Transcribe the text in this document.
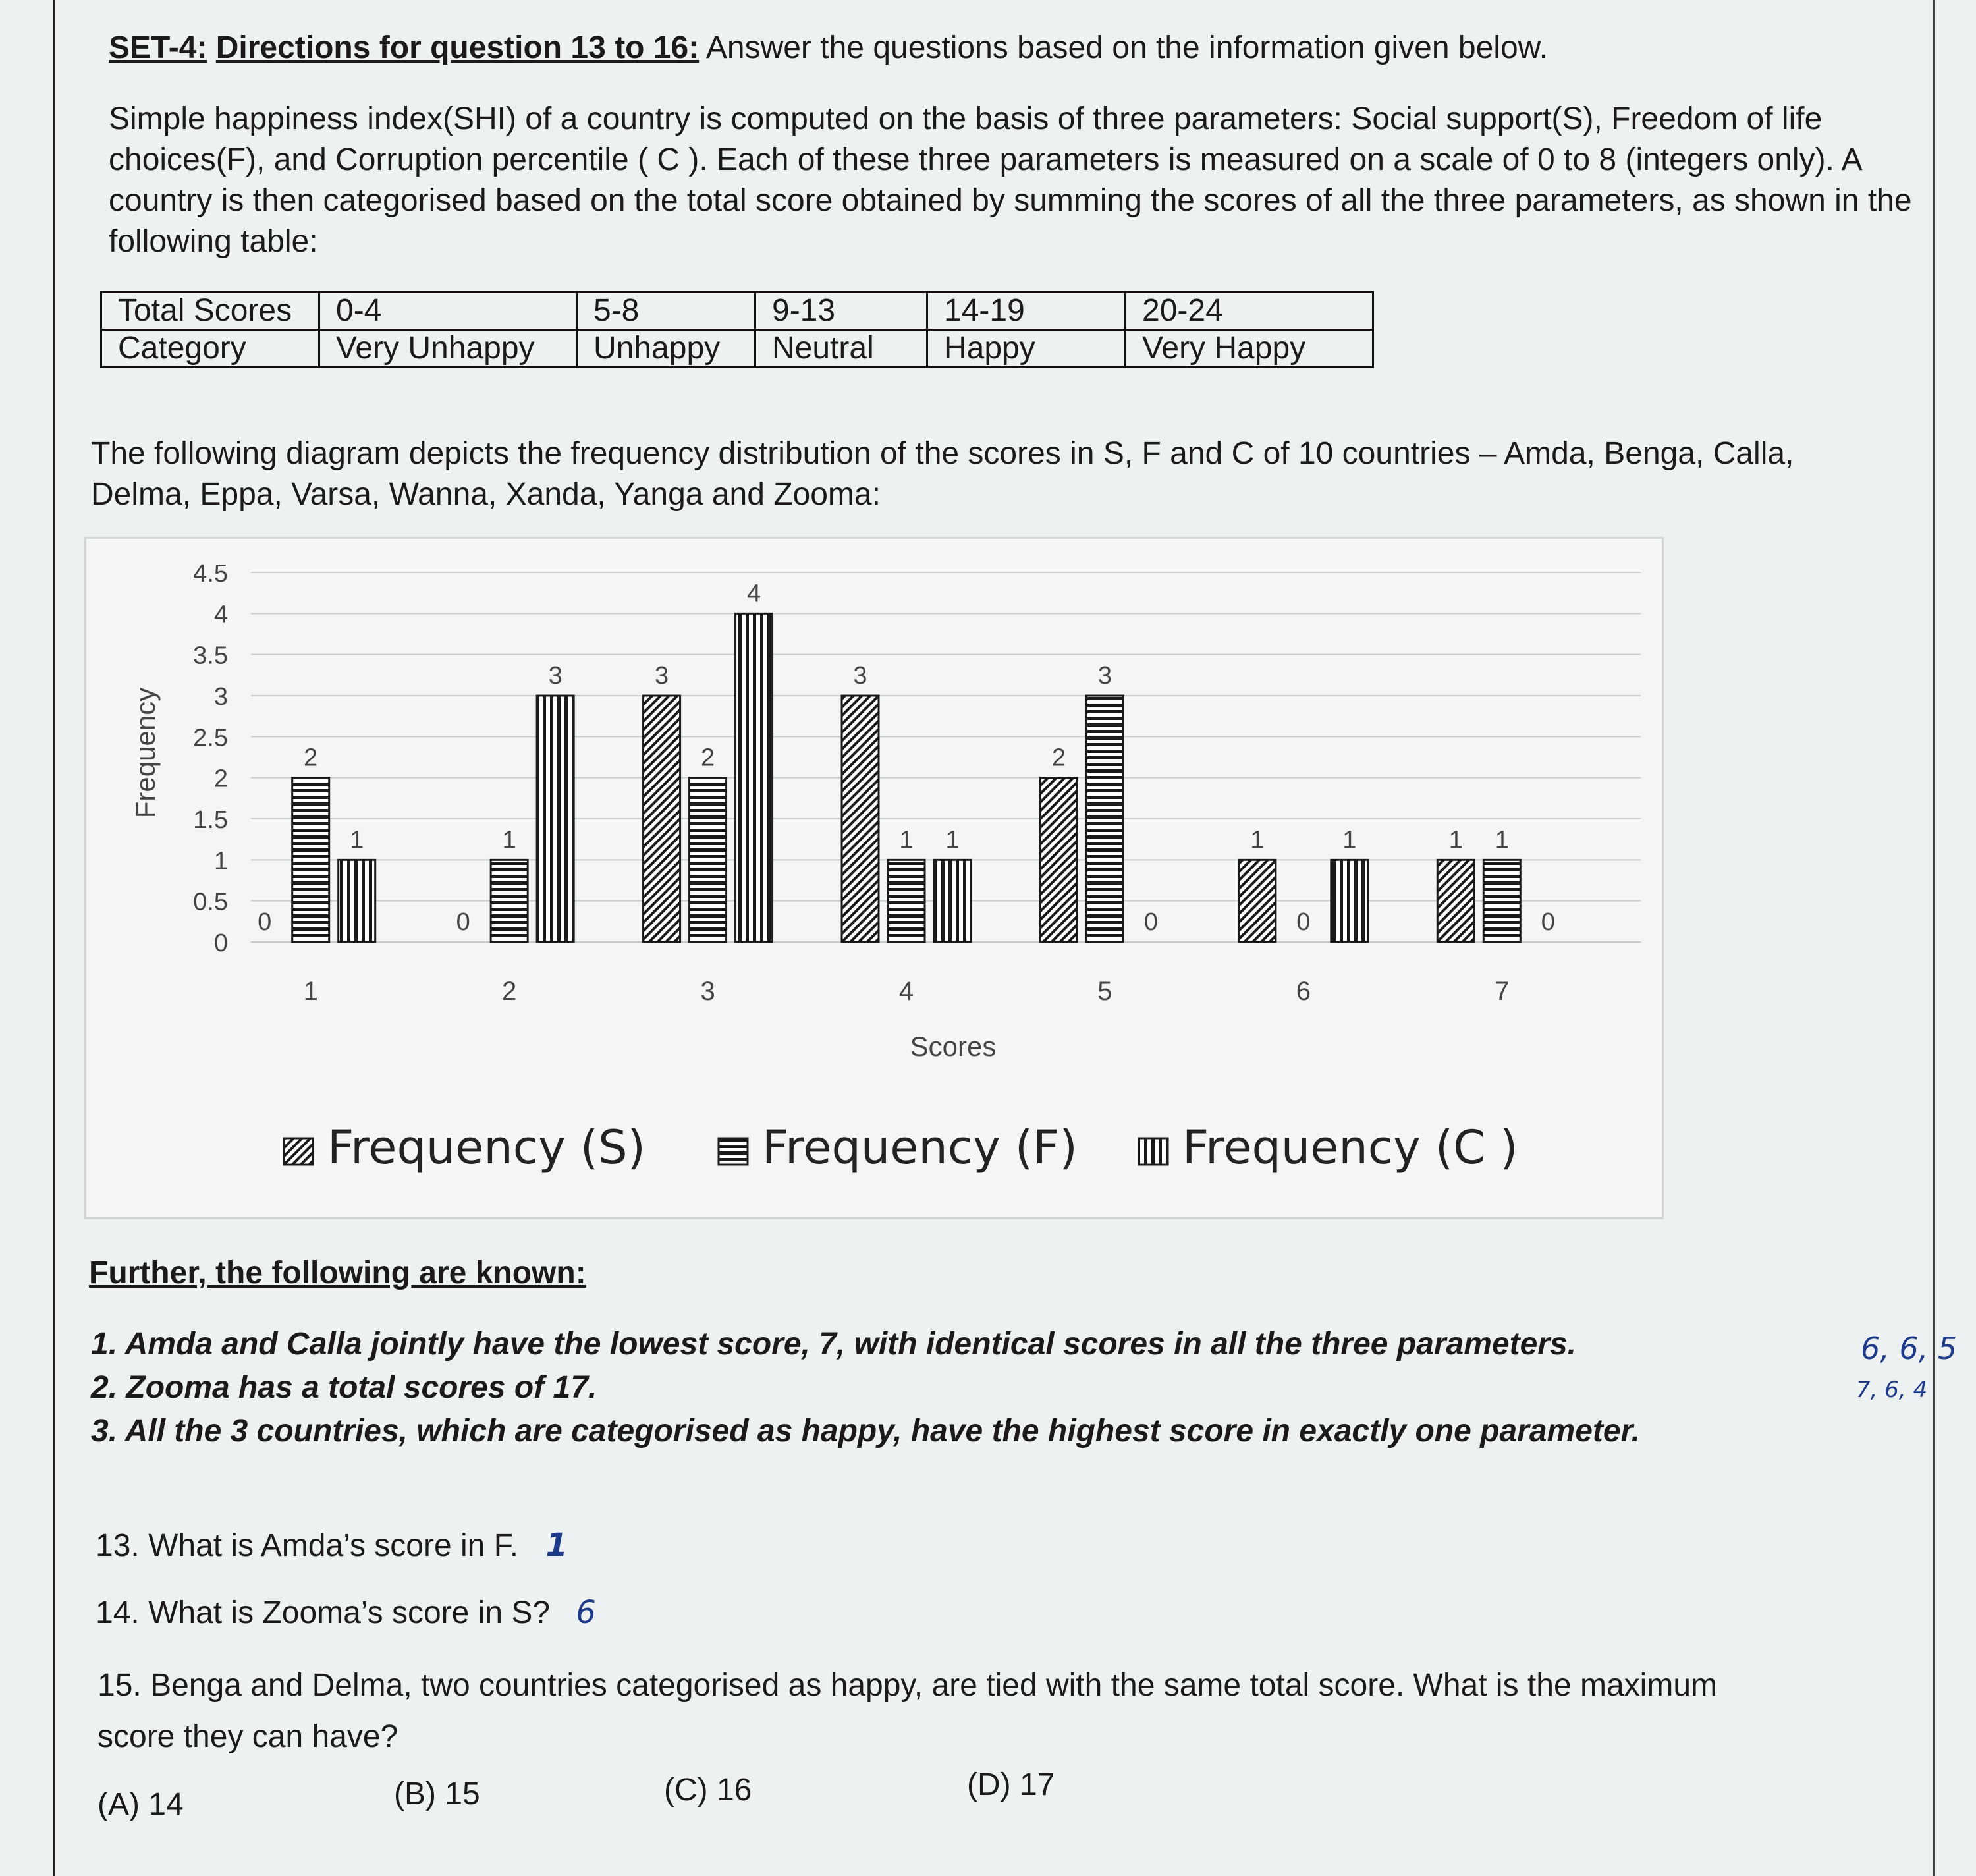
SET-4: Directions for question 13 to 16: Answer the questions based on the information given below.
Simple happiness index(SHI) of a country is computed on the basis of three parameters: Social support(S), Freedom of life choices(F), and Corruption percentile ( C ). Each of these three parameters is measured on a scale of 0 to 8 (integers only). A country is then categorised based on the total score obtained by summing the scores of all the three parameters, as shown in the following table:
Total Scores	0-4	5-8	9-13	14-19	20-24
Category	Very Unhappy	Unhappy	Neutral	Happy	Very Happy
The following diagram depicts the frequency distribution of the scores in S, F and C of 10 countries – Amda, Benga, Calla, Delma, Eppa, Varsa, Wanna, Xanda, Yanga and Zooma:
0
0.5
1
1.5
2
2.5
3
3.5
4
4.5
0
2
1
1
0
1
3
2
3
2
4
3
3
1 1
4
2
3
0
5
1
0
1
6
1 1
0
7
Frequency
Scores
Frequency (S)	Frequency (F) Frequency (C )
Further, the following are known:
1. Amda and Calla jointly have the lowest score, 7, with identical scores in all the three parameters.
2. Zooma has a total scores of 17.
3. All the 3 countries, which are categorised as happy, have the highest score in exactly one parameter.
6, 6, 5
7, 6, 4
13. What is Amda’s score in F. 1
14. What is Zooma’s score in S? 6
15. Benga and Delma, two countries categorised as happy, are tied with the same total score. What is the maximum
score they can have?
(A) 14	(B) 15	(C) 16	(D) 17
